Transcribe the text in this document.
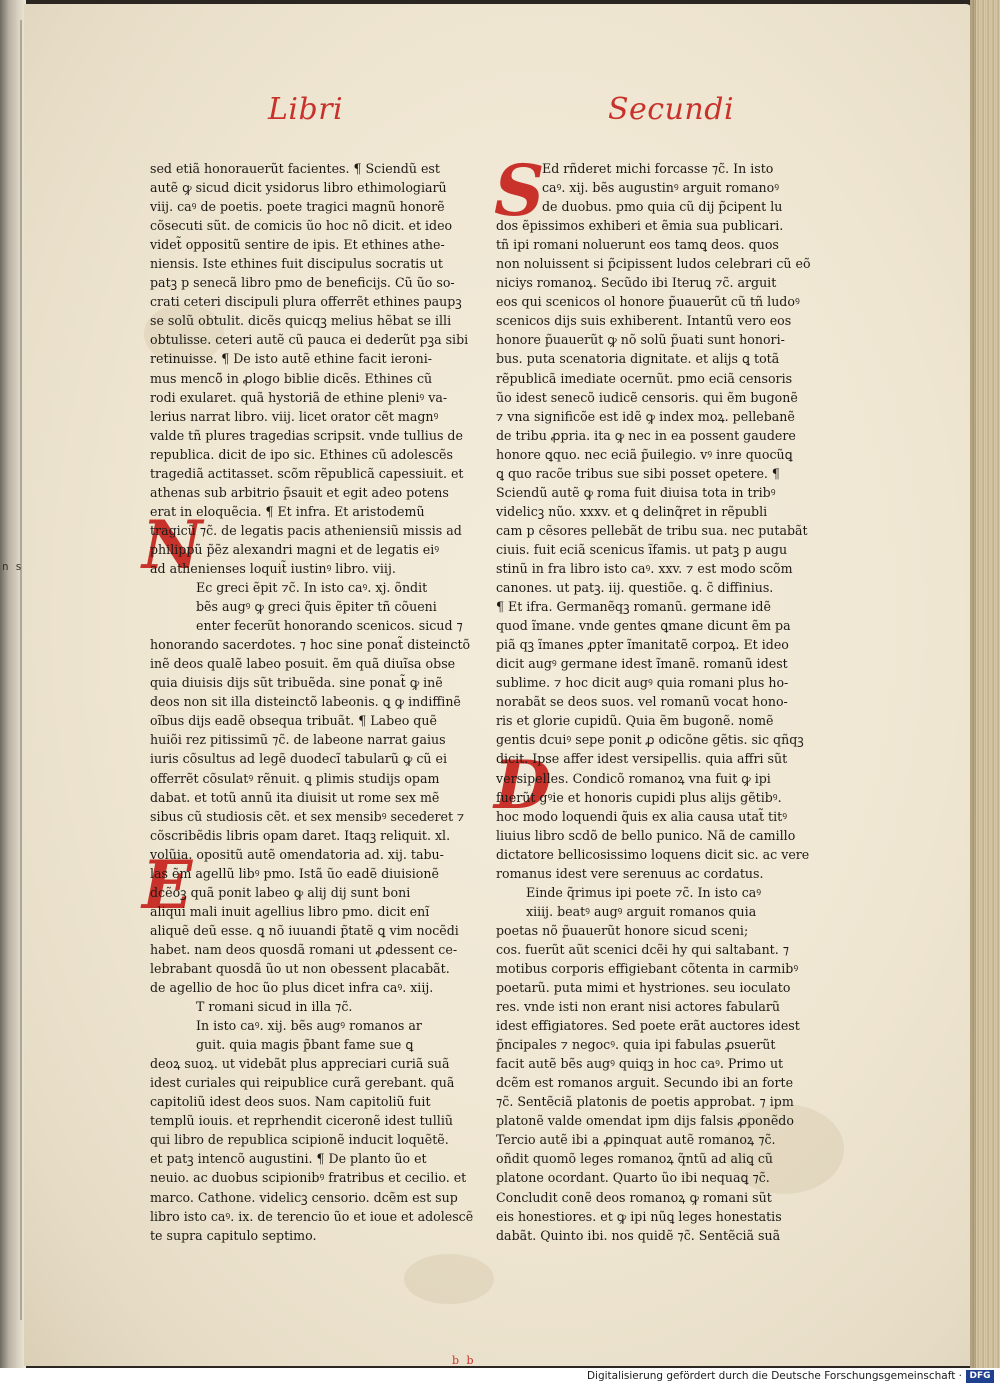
n s
Libri	Secundi
S
N
D
E
sed etiã honorauerũt facientes. ¶ Sciendũ est
autẽ ꝙ sicud dicit ysidorus libro ethimologiarũ
viij. caꝰ de poetis. poete tragici magnũ honorẽ
cõsecuti sũt. de comicis ũo hoc nõ dicit. et ideo
videt̃ oppositũ sentire de ipis. Et ethines athe-
niensis. Iste ethines fuit discipulus socratis ut
patꝫ p senecã libro pmo de beneficijs. Cũ ũo so-
crati ceteri discipuli plura offerrẽt ethines paupꝫ
se solũ obtulit. dicẽs quicqꝫ melius hẽbat se illi
obtulisse. ceteri autẽ cũ pauca ei dederũt pꝫa sibi
retinuisse. ¶ De isto autẽ ethine facit ieroni-
mus mencõ̃ in ꝓlogo biblie dicẽs. Ethines cũ
rodi exularet. quã hystoriã de ethine pleniꝰ va-
lerius narrat libro. viij. licet orator cẽt magnꝰ
valde tñ plures tragedias scripsit. vnde tullius de
republica. dicit de ipo sic. Ethines cũ adolescẽs
tragediã actitasset. scõm rẽpublicã capessiuit. et
athenas sub arbitrio p̃sauit et egit adeo potens
erat in eloquẽcia. ¶ Et infra. Et aristodemũ
tragicũ ⁊c̃. de legatis pacis atheniensiũ missis ad
philippũ p̃ẽz alexandri magni et de legatis eiꝰ
ad athenienses loquit̃ iustinꝰ libro. viij.
Ec greci ẽpit ⁊c̃. In isto caꝰ. xj. õndit
bẽs augꝰ ꝙ greci q̃uis ẽpiter tñ cõueni
enter fecerũt honorando scenicos. sicud ⁊
honorando sacerdotes. ⁊ hoc sine ponat̃ disteinctõ
inẽ deos qualẽ labeo posuit. ẽm quã diuĩsa obse
quia diuisis dijs sũt tribuẽda. sine ponat̃ ꝙ inẽ
deos non sit illa disteinctõ labeonis. ꝗ ꝙ indiffinẽ
oĩbus dijs eadẽ obsequa tribuãt. ¶ Labeo quẽ
huiõi rez pitissimũ ⁊c̃. de labeone narrat gaius
iuris cõsultus ad legẽ duodecĩ tabularũ ꝙ cũ ei
offerrẽt cõsulatꝰ rẽnuit. ꝗ plimis studijs opam
dabat. et totũ annũ ita diuisit ut rome sex mẽ
sibus cũ studiosis cẽt. et sex mensibꝰ secederet ⁊
cõscribẽdis libris opam daret. Itaqꝫ reliquit. xl.
volũia. opositũ autẽ omendatoria ad. xij. tabu-
las ẽm agellũ libꝰ pmo. Istã ũo eadẽ diuisionẽ
dcẽoꝫ quã ponit labeo ꝙ alij dij sunt boni
aliqui mali inuit agellius libro pmo. dicit enĩ
aliquẽ deũ esse. ꝗ nõ iuuandi p̃tatẽ ꝗ vim nocẽdi
habet. nam deos quosdã romani ut ꝓdessent ce-
lebrabant quosdã ũo ut non obessent placabãt.
de agellio de hoc ũo plus dicet infra caꝰ. xiij.
T romani sicud in illa ⁊c̃.
In isto caꝰ. xij. bẽs augꝰ romanos ar
guit. quia magis p̃bant fame sue ꝗ
deoꝝ suoꝝ. ut videbãt plus appreciari curiã suã
idest curiales qui reipublice curã gerebant. quã
capitoliũ idest deos suos. Nam capitoliũ fuit
templũ iouis. et reprhendit ciceronẽ idest tulliũ
qui libro de republica scipionẽ inducit loquẽtẽ.
et patꝫ intencõ augustini. ¶ De planto ũo et
neuio. ac duobus scipionibꝰ fratribus et cecilio. et
marco. Cathone. videlicꝫ censorio. dcẽm est sup
libro isto caꝰ. ix. de terencio ũo et ioue et adolescẽ
te supra capitulo septimo.
Ed rñderet michi forcasse ⁊c̃. In isto
caꝰ. xij. bẽs augustinꝰ arguit romanoꝰ
de duobus. pmo quia cũ dij p̃cipent lu
dos ẽpissimos exhiberi et ẽmia sua publicari.
tñ ipi romani noluerunt eos tamꝗ deos. quos
non noluissent si p̃cipissent ludos celebrari cũ eõ
niciys romanoꝝ. Secũdo ibi Iteruꝗ ⁊c̃. arguit
eos qui scenicos ol honore p̃uauerũt cũ tñ ludoꝰ
scenicos dijs suis exhiberent. Intantũ vero eos
honore p̃uauerũt ꝙ nõ solũ p̃uati sunt honori-
bus. puta scenatoria dignitate. et alijs ꝗ totã
rẽpublicã imediate ocernũt. pmo eciã censoris
ũo idest senecõ iudicẽ censoris. qui ẽm bugonẽ
⁊ vna significõe est idẽ ꝙ index moꝝ. pellebanẽ
de tribu ꝓpria. ita ꝙ nec in ea possent gaudere
honore ꝗquo. nec eciã p̃uilegio. vꝰ inre quocũꝗ
ꝗ quo racõe tribus sue sibi posset opetere. ¶
Sciendũ autẽ ꝙ roma fuit diuisa tota in tribꝰ
videlicꝫ nũo. xxxv. et ꝗ delinq̃ret in rẽpubli
cam p cẽsores pellebãt de tribu sua. nec putabãt
ciuis. fuit eciã scenicus ĩfamis. ut patꝫ p augu
stinũ in fra libro isto caꝰ. xxv. ⁊ est modo scõm
canones. ut patꝫ. iij. questiõe. ꝗ. c̃ diffinius.
¶ Et ifra. Germanẽqꝫ romanũ. germane idẽ
quod ĩmane. vnde gentes ꝗmane dicunt ẽm pa
piã qꝫ ĩmanes ꝓpter ĩmanitatẽ corpoꝝ. Et ideo
dicit augꝰ germane idest ĩmanẽ. romanũ idest
sublime. ⁊ hoc dicit augꝰ quia romani plus ho-
norabãt se deos suos. vel romanũ vocat hono-
ris et glorie cupidũ. Quia ẽm bugonẽ. nomẽ
gentis dcuiꝰ sepe ponit ꝓ odicõne gẽtis. sic qñqꝫ
dicit. Ipse affer idest versipellis. quia affri sũt
versipelles. Condicõ romanoꝝ vna fuit ꝙ ipi
fuerũt gꝰie et honoris cupidi plus alijs gẽtibꝰ.
hoc modo loquendi q̃uis ex alia causa utat̃ titꝰ
liuius libro scdõ de bello punico. Nã de camillo
dictatore bellicosissimo loquens dicit sic. ac vere
romanus idest vere serenuus ac cordatus.
Einde q̃rimus ipi poete ⁊c̃. In isto caꝰ
xiiij. beatꝰ augꝰ arguit romanos quia
poetas nõ p̃uauerũt honore sicud sceni;
cos. fuerũt aũt scenici dcẽi hy qui saltabant. ⁊
motibus corporis effigiebant cõtenta in carmibꝰ
poetarũ. puta mimi et hystriones. seu ioculato
res. vnde isti non erant nisi actores fabularũ
idest effigiatores. Sed poete erãt auctores idest
p̃ncipales ⁊ negocꝰ. quia ipi fabulas ꝓsuerũt
facit autẽ bẽs augꝰ quiqꝫ in hoc caꝰ. Primo ut
dcẽm est romanos arguit. Secundo ibi an forte
⁊c̃. Sentẽciã platonis de poetis approbat. ⁊ ipm
platonẽ valde omendat ipm dijs falsis ꝓponẽdo
Tercio autẽ ibi a ꝓpinquat autẽ romanoꝝ ⁊c̃.
oñdit quomõ leges romanoꝝ q̃ntũ ad aliꝗ cũ
platone ocordant. Quarto ũo ibi nequaꝗ ⁊c̃.
Concludit conẽ deos romanoꝝ ꝙ romani sũt
eis honestiores. et ꝙ ipi nũꝗ leges honestatis
dabãt. Quinto ibi. nos quidẽ ⁊c̃. Sentẽciã suã
b b
Digitalisierung gefördert durch die Deutsche Forschungsgemeinschaft · DFG
